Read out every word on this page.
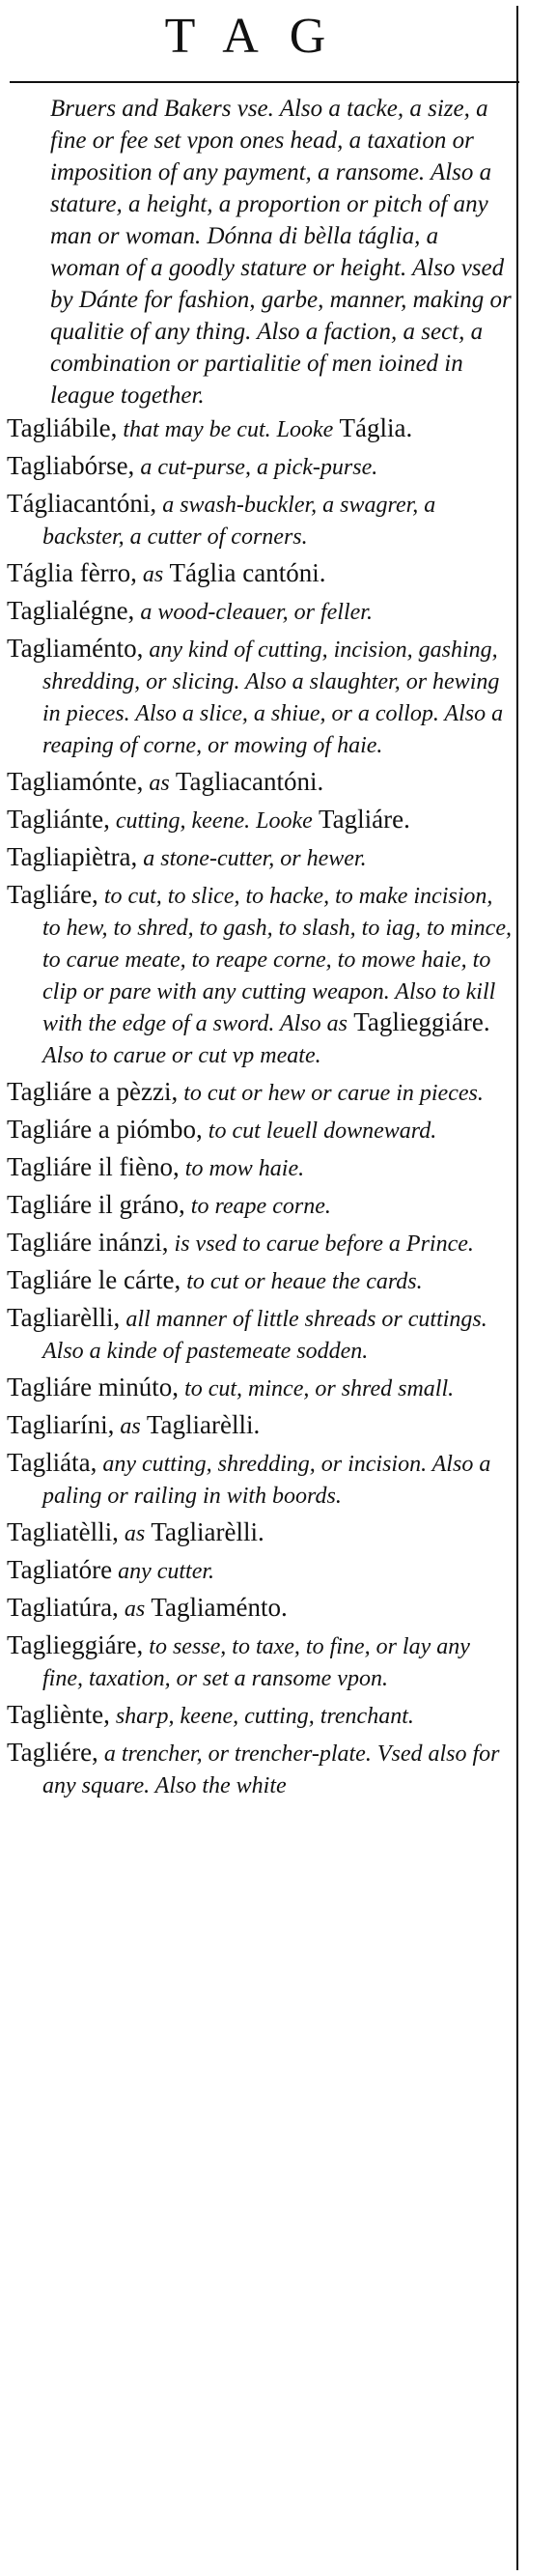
TAG
Bruers and Bakers vse. Also a tacke, a size, a fine or fee set vpon ones head, a taxation or imposition of any payment, a ransome. Also a stature, a height, a proportion or pitch of any man or woman. Dónna di bèlla táglia, a woman of a goodly stature or height. Also vsed by Dánte for fashion, garbe, manner, making or qualitie of any thing. Also a faction, a sect, a combination or partialitie of men ioined in league together.
Tagliábile, that may be cut. Looke Táglia.
Tagliabórse, a cut-purse, a pick-purse.
Tágliacantóni, a swash-buckler, a swagrer, a backster, a cutter of corners.
Táglia fèrro, as Táglia cantóni.
Taglialégne, a wood-cleauer, or feller.
Tagliaménto, any kind of cutting, incision, gashing, shredding, or slicing. Also a slaughter, or hewing in pieces. Also a slice, a shiue, or a collop. Also a reaping of corne, or mowing of haie.
Tagliamónte, as Tagliacantóni.
Tagliánte, cutting, keene. Looke Tagliáre.
Tagliapiètra, a stone-cutter, or hewer.
Tagliáre, to cut, to slice, to hacke, to make incision, to hew, to shred, to gash, to slash, to iag, to mince, to carue meate, to reape corne, to mowe haie, to clip or pare with any cutting weapon. Also to kill with the edge of a sword. Also as Taglieggiáre. Also to carue or cut vp meate.
Tagliáre a pèzzi, to cut or hew or carue in pieces.
Tagliáre a piómbo, to cut leuell downeward.
Tagliáre il fièno, to mow haie.
Tagliáre il gráno, to reape corne.
Tagliáre inánzi, is vsed to carue before a Prince.
Tagliáre le cárte, to cut or heaue the cards.
Tagliarèlli, all manner of little shreads or cuttings. Also a kinde of pastemeate sodden.
Tagliáre minúto, to cut, mince, or shred small.
Tagliaríni, as Tagliarèlli.
Tagliáta, any cutting, shredding, or incision. Also a paling or railing in with boords.
Tagliatèlli, as Tagliarèlli.
Tagliatóre any cutter.
Tagliatúra, as Tagliaménto.
Taglieggiáre, to sesse, to taxe, to fine, or lay any fine, taxation, or set a ransome vpon.
Tagliènte, sharp, keene, cutting, trenchant.
Tagliére, a trencher, or trencher-plate. Vsed also for any square. Also the white
